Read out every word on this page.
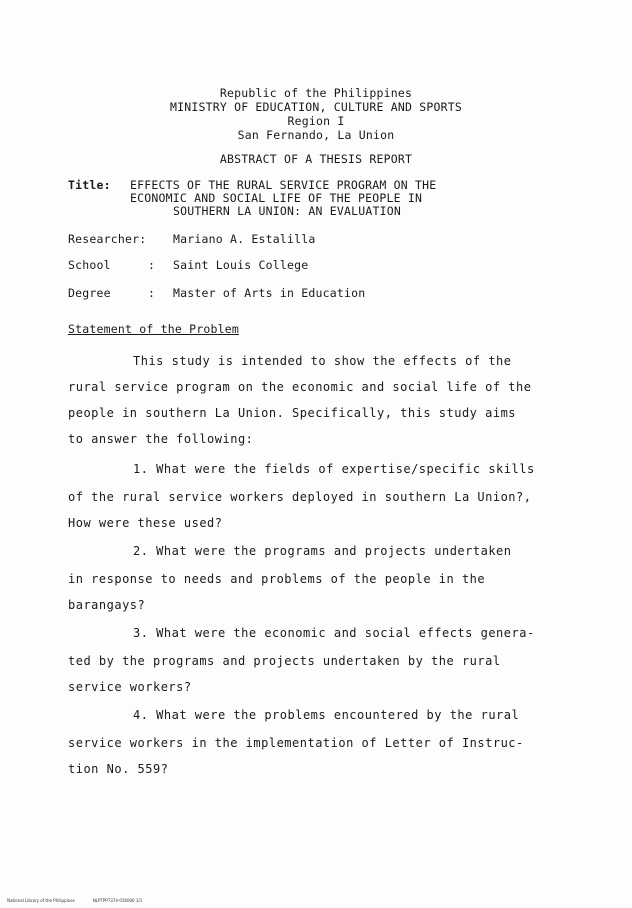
Republic of the Philippines
MINISTRY OF EDUCATION, CULTURE AND SPORTS
Region I
San Fernando, La Union
ABSTRACT OF A THESIS REPORT
Title: EFFECTS OF THE RURAL SERVICE PROGRAM ON THE
ECONOMIC AND SOCIAL LIFE OF THE PEOPLE IN
SOUTHERN LA UNION: AN EVALUATION
Researcher: Mariano A. Estalilla
School	: Saint Louis College
Degree	: Master of Arts in Education
Statement of the Problem
This study is intended to show the effects of the
rural service program on the economic and social life of the
people in southern La Union. Specifically, this study aims
to answer the following:
1. What were the fields of expertise/specific skills
of the rural service workers deployed in southern La Union?,
How were these used?
2. What were the programs and projects undertaken
in response to needs and problems of the people in the
barangays?
3. What were the economic and social effects genera-
ted by the programs and projects undertaken by the rural
service workers?
4. What were the problems encountered by the rural
service workers in the implementation of Letter of Instruc-
tion No. 559?

National Library of the Philippines	NLPTPP7374-016000 1/1
